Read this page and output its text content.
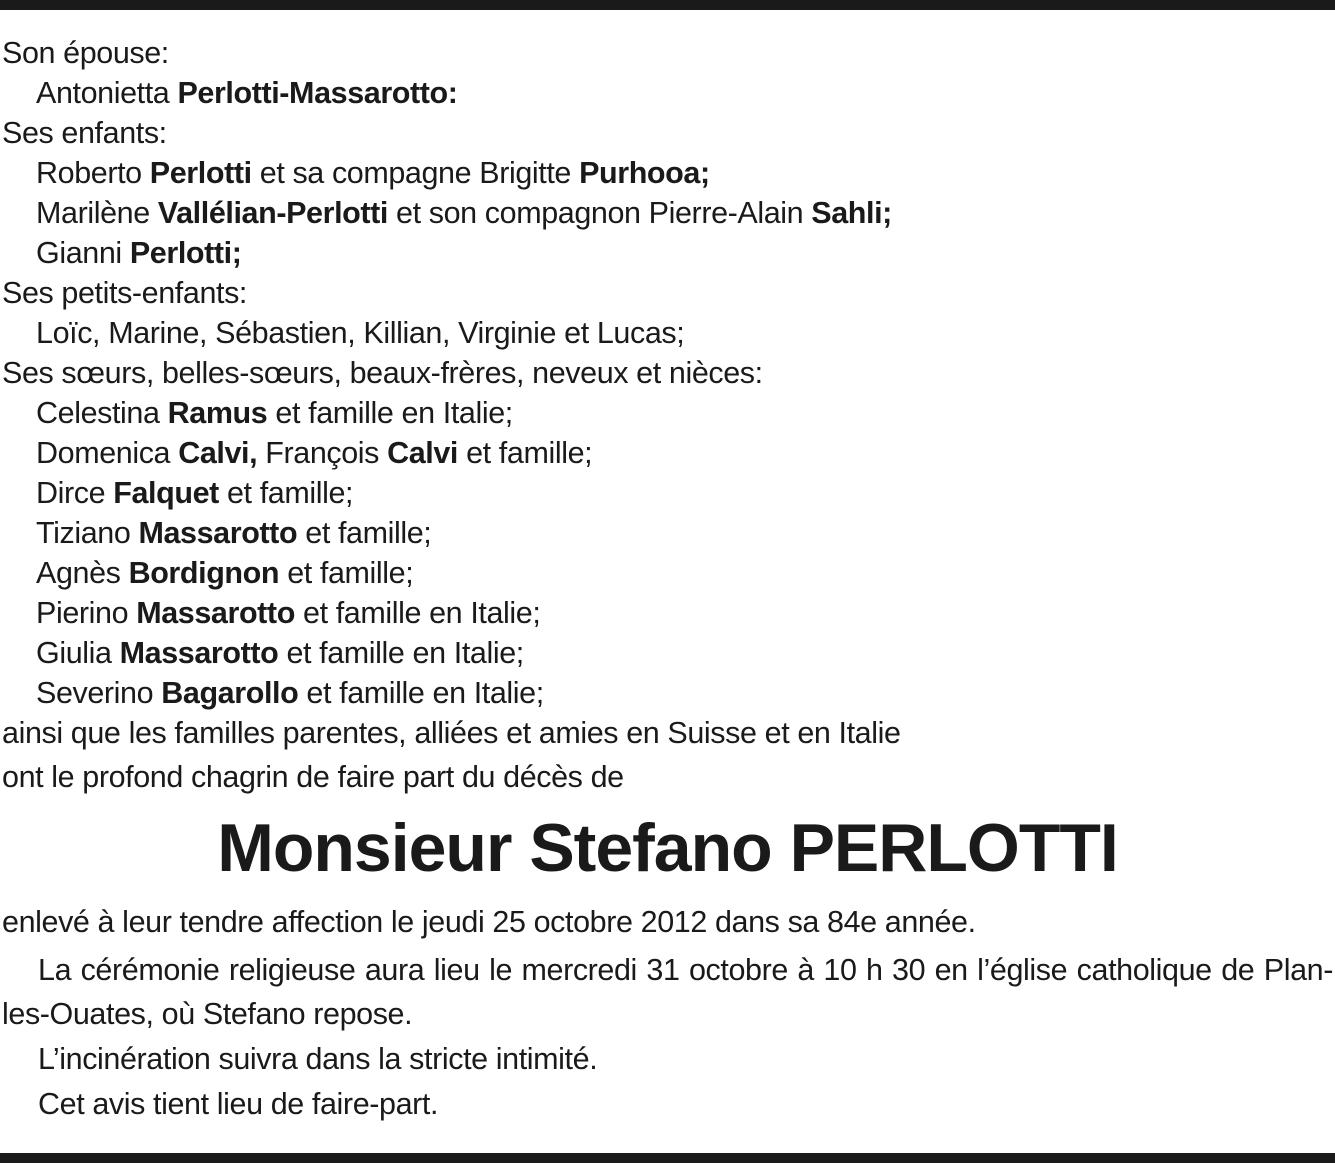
Son épouse:
Antonietta Perlotti-Massarotto:
Ses enfants:
Roberto Perlotti et sa compagne Brigitte Purhooa;
Marilène Vallélian-Perlotti et son compagnon Pierre-Alain Sahli;
Gianni Perlotti;
Ses petits-enfants:
Loïc, Marine, Sébastien, Killian, Virginie et Lucas;
Ses sœurs, belles-sœurs, beaux-frères, neveux et nièces:
Celestina Ramus et famille en Italie;
Domenica Calvi, François Calvi et famille;
Dirce Falquet et famille;
Tiziano Massarotto et famille;
Agnès Bordignon et famille;
Pierino Massarotto et famille en Italie;
Giulia Massarotto et famille en Italie;
Severino Bagarollo et famille en Italie;
ainsi que les familles parentes, alliées et amies en Suisse et en Italie
ont le profond chagrin de faire part du décès de
Monsieur Stefano PERLOTTI
enlevé à leur tendre affection le jeudi 25 octobre 2012 dans sa 84e année.
La cérémonie religieuse aura lieu le mercredi 31 octobre à 10 h 30 en l’église catholique de Plan-les-Ouates, où Stefano repose.
L’incinération suivra dans la stricte intimité.
Cet avis tient lieu de faire-part.
